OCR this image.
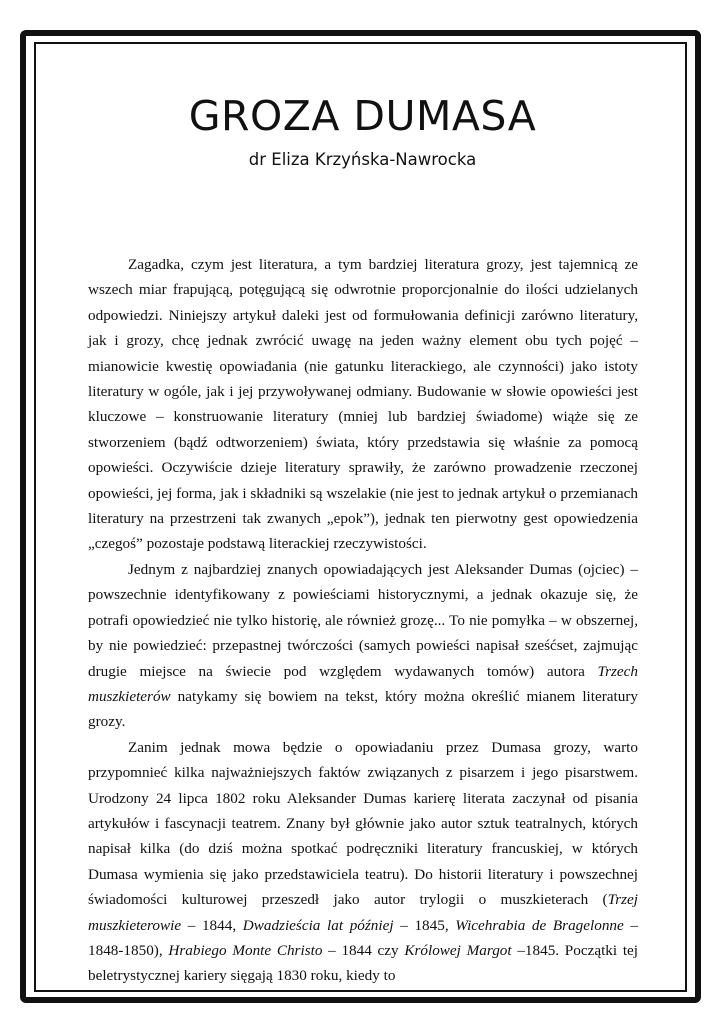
GROZA DUMASA
dr Eliza Krzyńska-Nawrocka

Zagadka, czym jest literatura, a tym bardziej literatura grozy, jest tajemnicą ze wszech miar frapującą, potęgującą się odwrotnie proporcjonalnie do ilości udzielanych odpowiedzi. Niniejszy artykuł daleki jest od formułowania definicji zarówno literatury, jak i grozy, chcę jednak zwrócić uwagę na jeden ważny element obu tych pojęć – mianowicie kwestię opowiadania (nie gatunku literackiego, ale czynności) jako istoty literatury w ogóle, jak i jej przywoływanej odmiany. Budowanie w słowie opowieści jest kluczowe – konstruowanie literatury (mniej lub bardziej świadome) wiąże się ze stworzeniem (bądź odtworzeniem) świata, który przedstawia się właśnie za pomocą opowieści. Oczywiście dzieje literatury sprawiły, że zarówno prowadzenie rzeczonej opowieści, jej forma, jak i składniki są wszelakie (nie jest to jednak artykuł o przemianach literatury na przestrzeni tak zwanych „epok”), jednak ten pierwotny gest opowiedzenia „czegoś” pozostaje podstawą literackiej rzeczywistości.

Jednym z najbardziej znanych opowiadających jest Aleksander Dumas (ojciec) – powszechnie identyfikowany z powieściami historycznymi, a jednak okazuje się, że potrafi opowiedzieć nie tylko historię, ale również grozę... To nie pomyłka – w obszernej, by nie powiedzieć: przepastnej twórczości (samych powieści napisał sześćset, zajmując drugie miejsce na świecie pod względem wydawanych tomów) autora Trzech muszkieterów natykamy się bowiem na tekst, który można określić mianem literatury grozy.

Zanim jednak mowa będzie o opowiadaniu przez Dumasa grozy, warto przypomnieć kilka najważniejszych faktów związanych z pisarzem i jego pisarstwem. Urodzony 24 lipca 1802 roku Aleksander Dumas karierę literata zaczynał od pisania artykułów i fascynacji teatrem. Znany był głównie jako autor sztuk teatralnych, których napisał kilka (do dziś można spotkać podręczniki literatury francuskiej, w których Dumasa wymienia się jako przedstawiciela teatru). Do historii literatury i powszechnej świadomości kulturowej przeszedł jako autor trylogii o muszkieterach (Trzej muszkieterowie – 1844, Dwadzieścia lat później – 1845, Wicehrabia de Bragelonne – 1848-1850), Hrabiego Monte Christo – 1844 czy Królowej Margot –1845. Początki tej beletrystycznej kariery sięgają 1830 roku, kiedy to
